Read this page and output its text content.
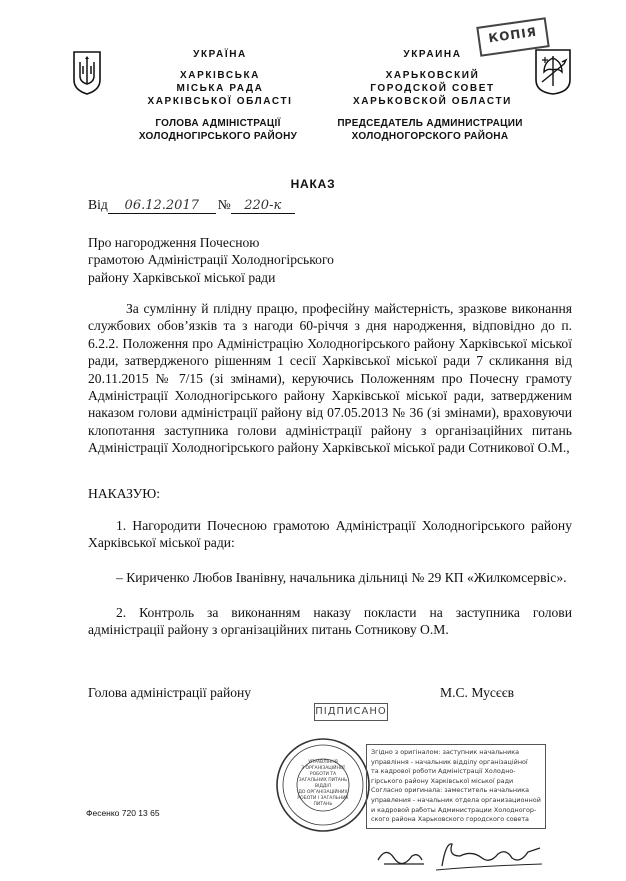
УКРАЇНА
ХАРКІВСЬКА
МІСЬКА РАДА
ХАРКІВСЬКОЇ ОБЛАСТІ
ГОЛОВА АДМІНІСТРАЦІЇ
ХОЛОДНОГІРСЬКОГО РАЙОНУ
УКРАИНА
ХАРЬКОВСКИЙ
ГОРОДСКОЙ СОВЕТ
ХАРЬКОВСКОЙ ОБЛАСТИ
ПРЕДСЕДАТЕЛЬ АДМИНИСТРАЦИИ
ХОЛОДНОГОРСКОГО РАЙОНА
КОПІЯ
НАКАЗ
Від 06.12.2017 № 220-к
Про нагородження Почесною
грамотою Адміністрації Холодногірського
району Харківської міської ради
За сумлінну й плідну працю, професійну майстерність, зразкове виконання службових обов’язків та з нагоди 60-річчя з дня народження, відповідно до п. 6.2.2. Положення про Адміністрацію Холодногірського району Харківської міської ради, затвердженого рішенням 1 сесії Харківської міської ради 7 скликання від 20.11.2015 № 7/15 (зі змінами), керуючись Положенням про Почесну грамоту Адміністрації Холодногірського району Харківської міської ради, затвердженим наказом голови адміністрації району від 07.05.2013 № 36 (зі змінами), враховуючи клопотання заступника голови адміністрації району з організаційних питань Адміністрації Холодногірського району Харківської міської ради Сотникової О.М.,
НАКАЗУЮ:
1. Нагородити Почесною грамотою Адміністрації Холодногірського району Харківської міської ради:
– Кириченко Любов Іванівну, начальника дільниці № 29 КП «Жилкомсервіс».
2. Контроль за виконанням наказу покласти на заступника голови адміністрації району з організаційних питань Сотникову О.М.
Голова адміністрації району	М.С. Мусєєв
ПІДПИСАНО
УПРАВЛІННЯ
З ОРГАНІЗАЦІЙНОЇ
РОБОТИ ТА
ЗАГАЛЬНИХ ПИТАНЬ
ВІДДІЛ
ДО ОРГАНІЗАЦІЙНИХ
РОБОТИ І ЗАГАЛЬНИХ
ПИТАНЬ
Згідно з оригіналом: заступник начальника
управління - начальник відділу організаційної
та кадрової роботи Адміністрації Холодно-
гірського району Харківської міської ради
Согласно оригинала: заместитель начальника
управления - начальник отдела организационной
и кадровой работы Администрации Холодногор-
ского района Харьковского городского совета
Фесенко 720 13 65
